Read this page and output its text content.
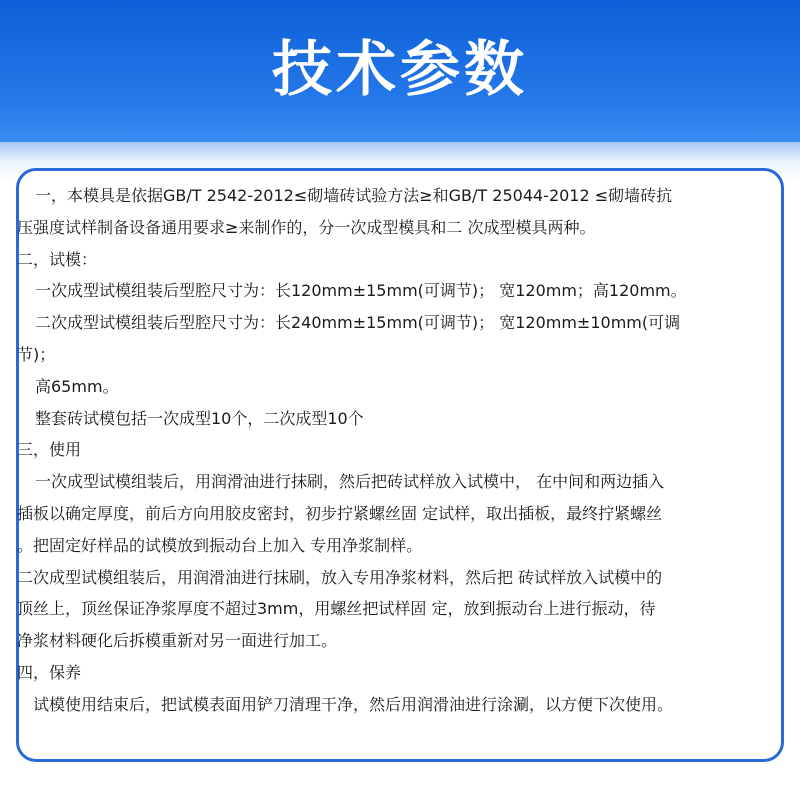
技术参数
一，本模具是依据GB/T 2542-2012≤砌墙砖试验方法≥和GB/T 25044-2012 ≤砌墙砖抗
压强度试样制备设备通用要求≥来制作的，分一次成型模具和二 次成型模具两种。
二，试模：
一次成型试模组装后型腔尺寸为：长120mm±15mm(可调节)； 宽120mm；高120mm。
二次成型试模组装后型腔尺寸为：长240mm±15mm(可调节)； 宽120mm±10mm(可调
节)；
高65mm。
整套砖试模包括一次成型10个，二次成型10个
三，使用
一次成型试模组装后，用润滑油进行抹刷，然后把砖试样放入试模中， 在中间和两边插入
插板以确定厚度，前后方向用胶皮密封，初步拧紧螺丝固 定试样，取出插板，最终拧紧螺丝
。把固定好样品的试模放到振动台上加入 专用净浆制样。
二次成型试模组装后，用润滑油进行抹刷，放入专用净浆材料，然后把 砖试样放入试模中的
顶丝上，顶丝保证净浆厚度不超过3mm，用螺丝把试样固 定，放到振动台上进行振动，待
净浆材料硬化后拆模重新对另一面进行加工。
四，保养
试模使用结束后，把试模表面用铲刀清理干净，然后用润滑油进行涂涮，以方便下次使用。
